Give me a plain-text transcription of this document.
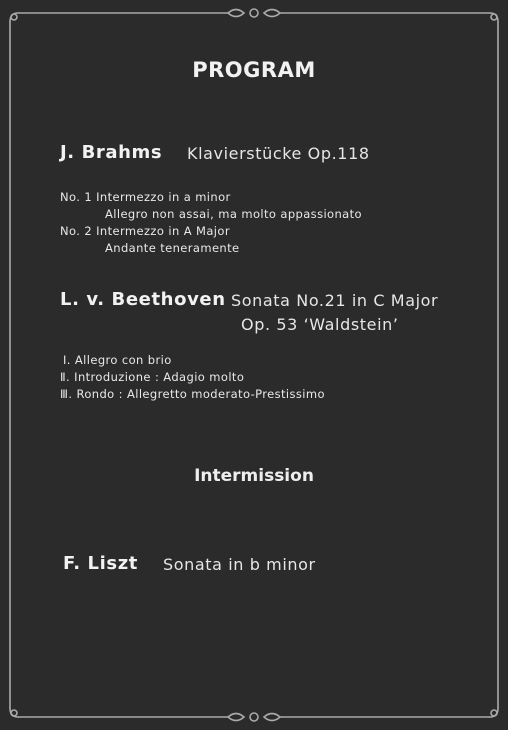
PROGRAM
J. Brahms Klavierstücke Op.118
No. 1 Intermezzo in a minor
Allegro non assai, ma molto appassionato
No. 2 Intermezzo in A Major
Andante teneramente
L. v. Beethoven Sonata No.21 in C Major
Op. 53 ‘Waldstein’
Ⅰ. Allegro con brio
Ⅱ. Introduzione : Adagio molto
Ⅲ. Rondo : Allegretto moderato-Prestissimo
Intermission
F. Liszt Sonata in b minor
